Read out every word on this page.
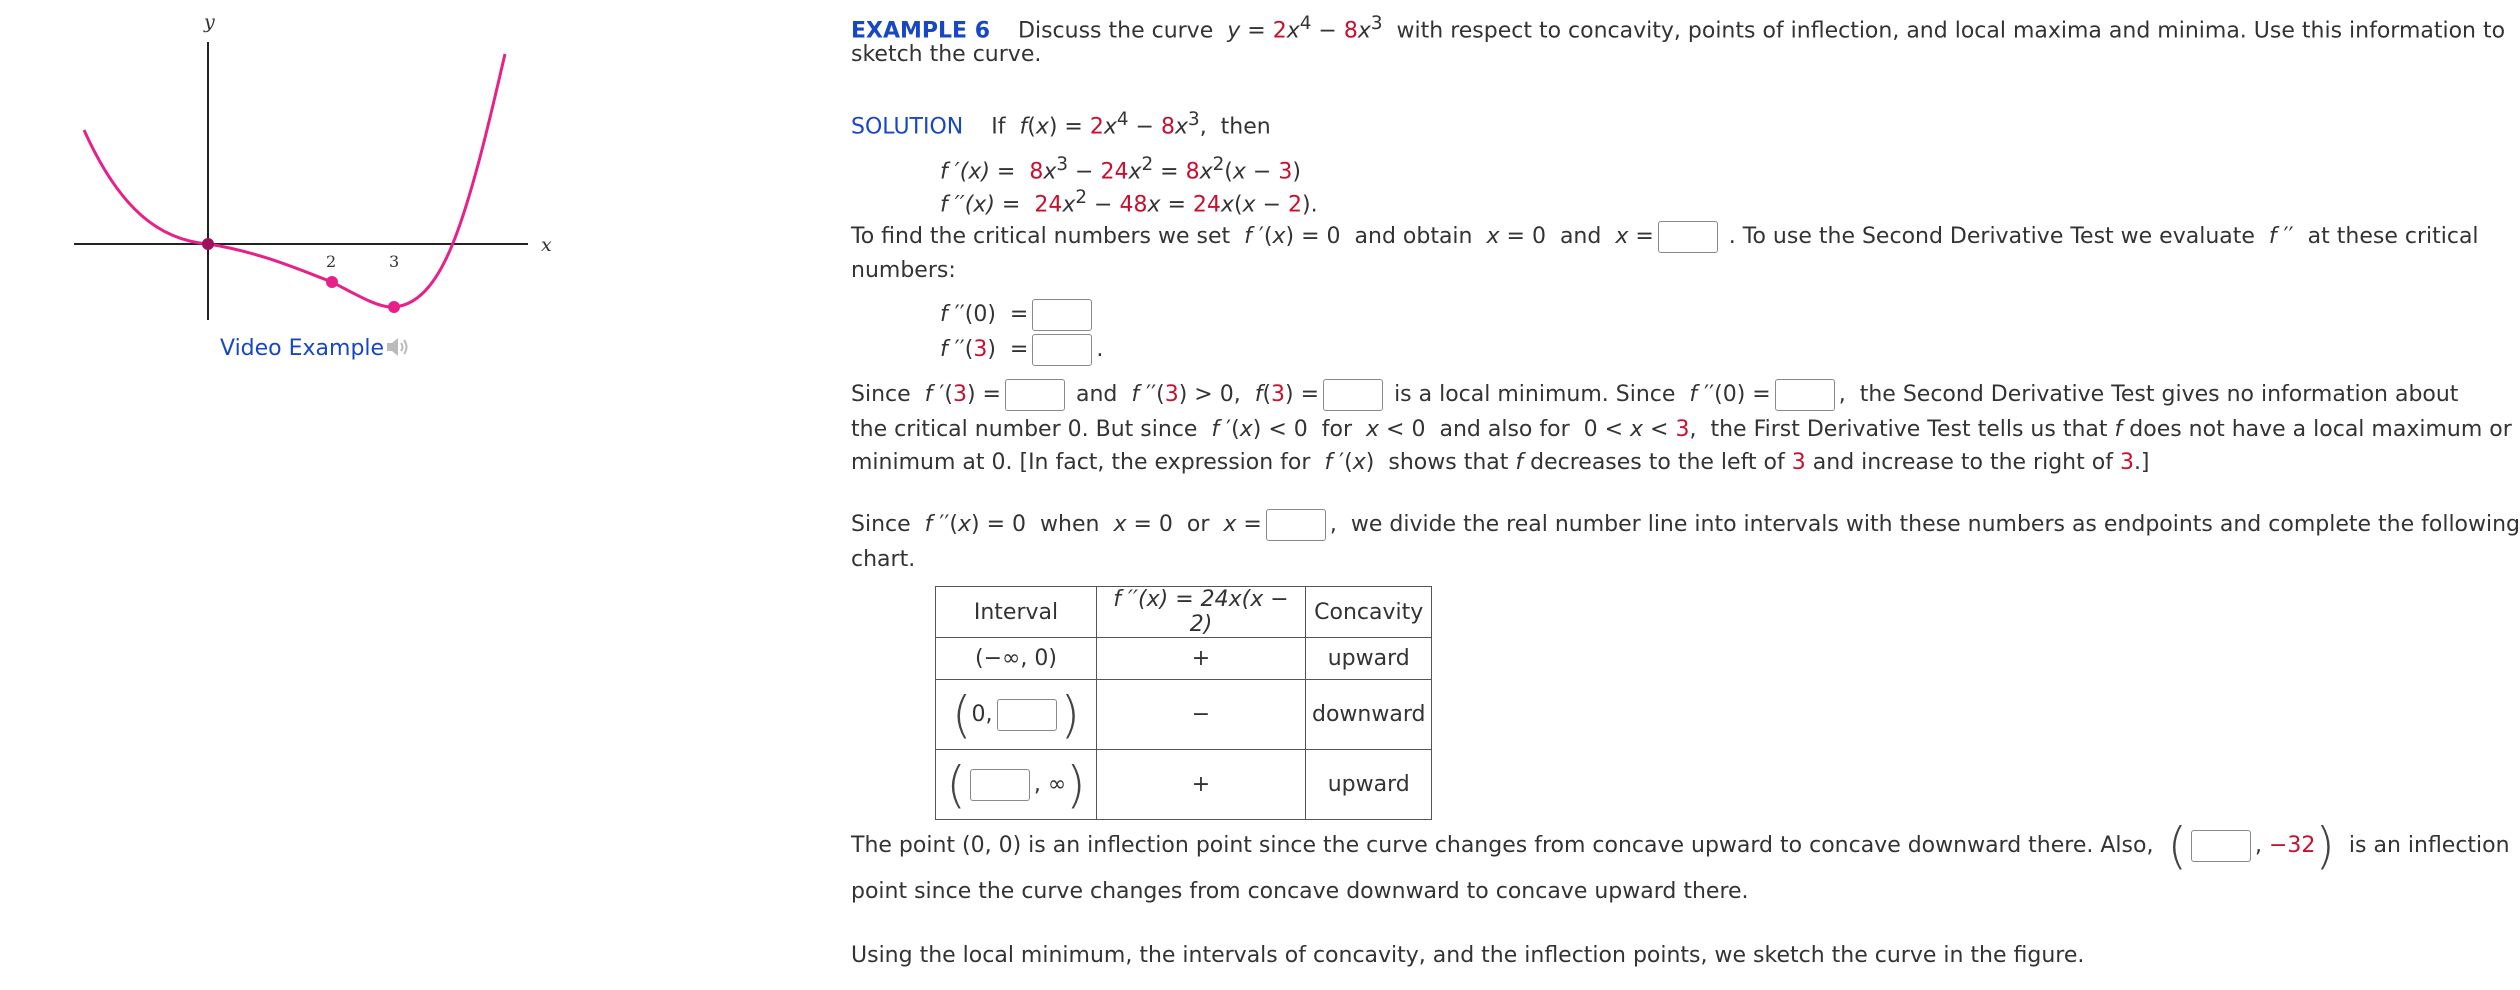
y
x
2	3
Video Example
EXAMPLE 6 Discuss the curve $y = 2x^4 - 8x^3$ with respect to concavity, points of inflection, and local maxima and minima. Use this information to
sketch the curve.
SOLUTION If $f(x) = 2x^4 - 8x^3$,  then
f $'(x) = 8x^3 - 24x^2 = 8x^2(x - 3)$
f $''(x) = 24x^2 - 48x = 24x(x - 2)$.
To find the critical numbers we set f ′(x) = 0  and obtain x = 0  and x =	. To use the Second Derivative Test we evaluate f ′′  at these critical
numbers:
f ′′(0)  =
f ′′(3)  =	.
Since f ′(3) =	and f ′′(3) > 0,  f(3) =	is a local minimum. Since f ′′(0) =	,  the Second Derivative Test gives no information about
the critical number 0. But since f ′(x) < 0  for x < 0  and also for  0 < x < 3,  the First Derivative Test tells us that f does not have a local maximum or
minimum at 0. [In fact, the expression for f ′(x)  shows that f decreases to the left of 3 and increase to the right of 3.]
Since f ′′(x) = 0  when x = 0  or x =	,  we divide the real number line into intervals with these numbers as endpoints and complete the following
chart.
Interval	f ′′(x) = 24x(x − 2)	Concavity
(−∞, 0)	+	upward
(0, )	−	downward
( , ∞)	+	upward
The point (0, 0) is an inflection point since the curve changes from concave upward to concave downward there. Also, (	, −32) is an inflection
point since the curve changes from concave downward to concave upward there.
Using the local minimum, the intervals of concavity, and the inflection points, we sketch the curve in the figure.
